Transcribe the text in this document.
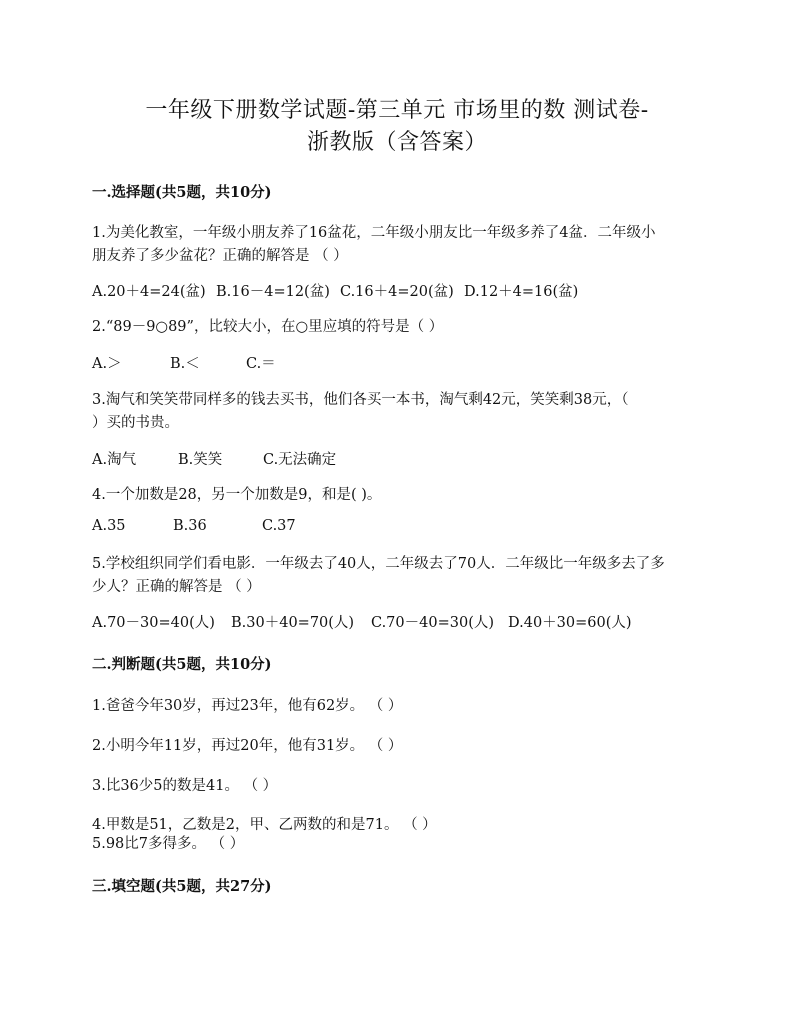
一年级下册数学试题-第三单元 市场里的数 测试卷-
浙教版（含答案）
一.选择题(共5题，共10分)
1.为美化教室，一年级小朋友养了16盆花，二年级小朋友比一年级多养了4盆．二年级小
朋友养了多少盆花？正确的解答是 （ ）
A.20＋4=24(盆) B.16－4=12(盆) C.16＋4=20(盆) D.12＋4=16(盆)
2.“89－9○89”，比较大小，在○里应填的符号是（ ）
A.＞	B.＜	C.＝
3.淘气和笑笑带同样多的钱去买书，他们各买一本书，淘气剩42元，笑笑剩38元，（
）买的书贵。
A.淘气	B.笑笑	C.无法确定
4.一个加数是28，另一个加数是9，和是( )。
A.35	B.36	C.37
5.学校组织同学们看电影．一年级去了40人，二年级去了70人．二年级比一年级多去了多
少人？正确的解答是 （ ）
A.70－30=40(人) B.30＋40=70(人) C.70－40=30(人) D.40＋30=60(人)
二.判断题(共5题，共10分)
1.爸爸今年30岁，再过23年，他有62岁。 （ ）
2.小明今年11岁，再过20年，他有31岁。 （ ）
3.比36少5的数是41。 （ ）
4.甲数是51，乙数是2，甲、乙两数的和是71。 （ ）
5.98比7多得多。 （ ）
三.填空题(共5题，共27分)
